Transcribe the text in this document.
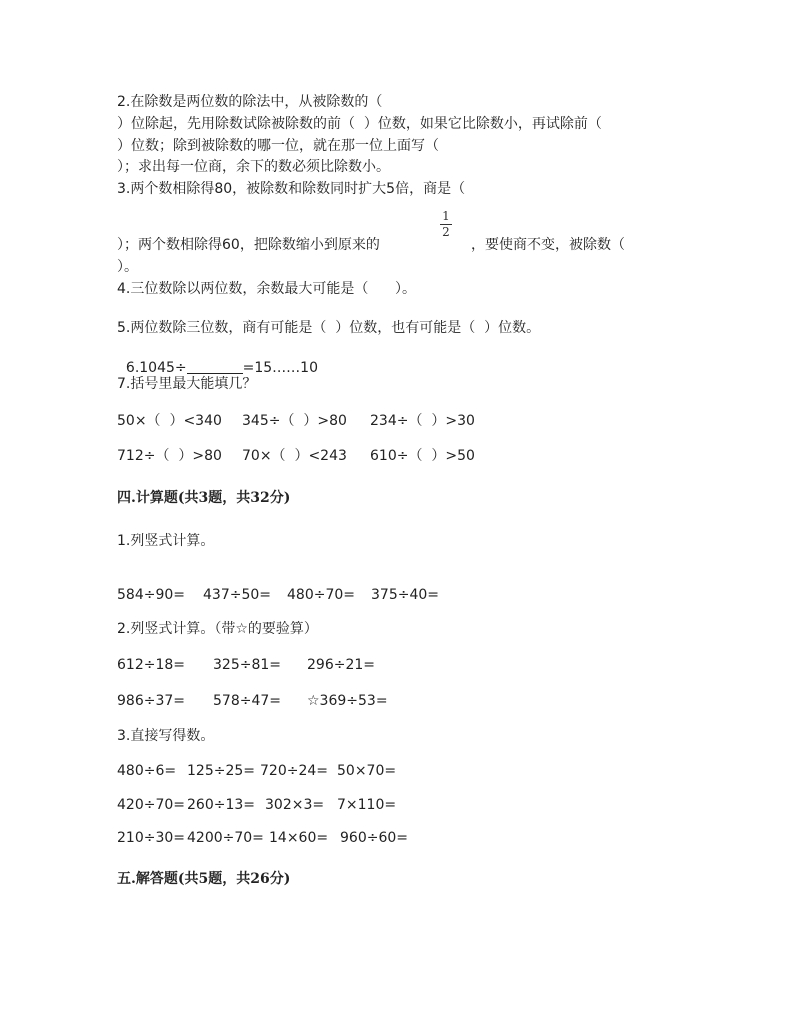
2.在除数是两位数的除法中，从被除数的（
）位除起，先用除数试除被除数的前（  ）位数，如果它比除数小，再试除前（
）位数；除到被除数的哪一位，就在那一位上面写（
）；求出每一位商，余下的数必须比除数小。
3.两个数相除得80，被除数和除数同时扩大5倍，商是（
1
2
）；两个数相除得60，把除数缩小到原来的	，要使商不变，被除数（
）。
4.三位数除以两位数，余数最大可能是（      ）。
5.两位数除三位数，商有可能是（  ）位数，也有可能是（  ）位数。

6.1045÷	=15……10

7.括号里最大能填几？
50×（  ）<340 345÷（  ）>80 234÷（  ）>30
712÷（  ）>80 70×（  ）<243 610÷（  ）>50
四.计算题(共3题，共32分)
1.列竖式计算。
584÷90= 437÷50= 480÷70= 375÷40=
2.列竖式计算。（带☆的要验算）
612÷18= 325÷81= 296÷21=
986÷37= 578÷47= ☆369÷53=
3.直接写得数。
480÷6= 125÷25= 720÷24= 50×70=
420÷70= 260÷13= 302×3= 7×110=
210÷30= 4200÷70= 14×60= 960÷60=
五.解答题(共5题，共26分)
